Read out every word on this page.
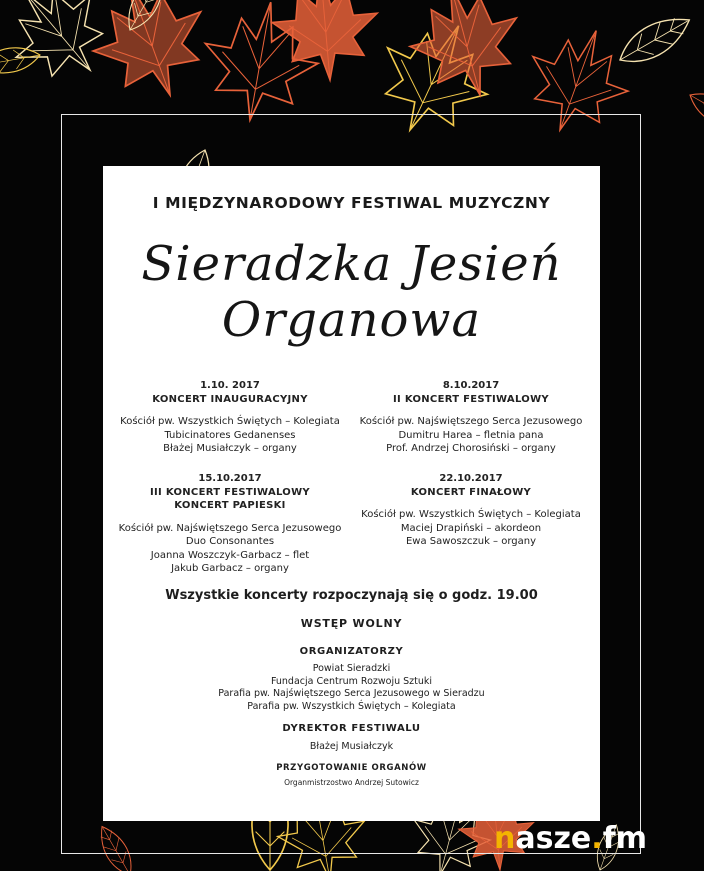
I MIĘDZYNARODOWY FESTIWAL MUZYCZNY
Sieradzka Jesień
Organowa
1.10. 2017
KONCERT INAUGURACYJNY
Kościół pw. Wszystkich Świętych – Kolegiata
Tubicinatores Gedanenses
Błażej Musiałczyk – organy
8.10.2017
II KONCERT FESTIWALOWY
Kościół pw. Najświętszego Serca Jezusowego
Dumitru Harea – fletnia pana
Prof. Andrzej Chorosiński – organy
15.10.2017
III KONCERT FESTIWALOWY
KONCERT PAPIESKI
Kościół pw. Najświętszego Serca Jezusowego
Duo Consonantes
Joanna Woszczyk-Garbacz – flet
Jakub Garbacz – organy
22.10.2017
KONCERT FINAŁOWY
Kościół pw. Wszystkich Świętych – Kolegiata
Maciej Drapiński – akordeon
Ewa Sawoszczuk – organy
Wszystkie koncerty rozpoczynają się o godz. 19.00
WSTĘP WOLNY
ORGANIZATORZY
Powiat Sieradzki
Fundacja Centrum Rozwoju Sztuki
Parafia pw. Najświętszego Serca Jezusowego w Sieradzu
Parafia pw. Wszystkich Świętych – Kolegiata
DYREKTOR FESTIWALU
Błażej Musiałczyk
PRZYGOTOWANIE ORGANÓW
Organmistrzostwo Andrzej Sutowicz
nasze.fm
